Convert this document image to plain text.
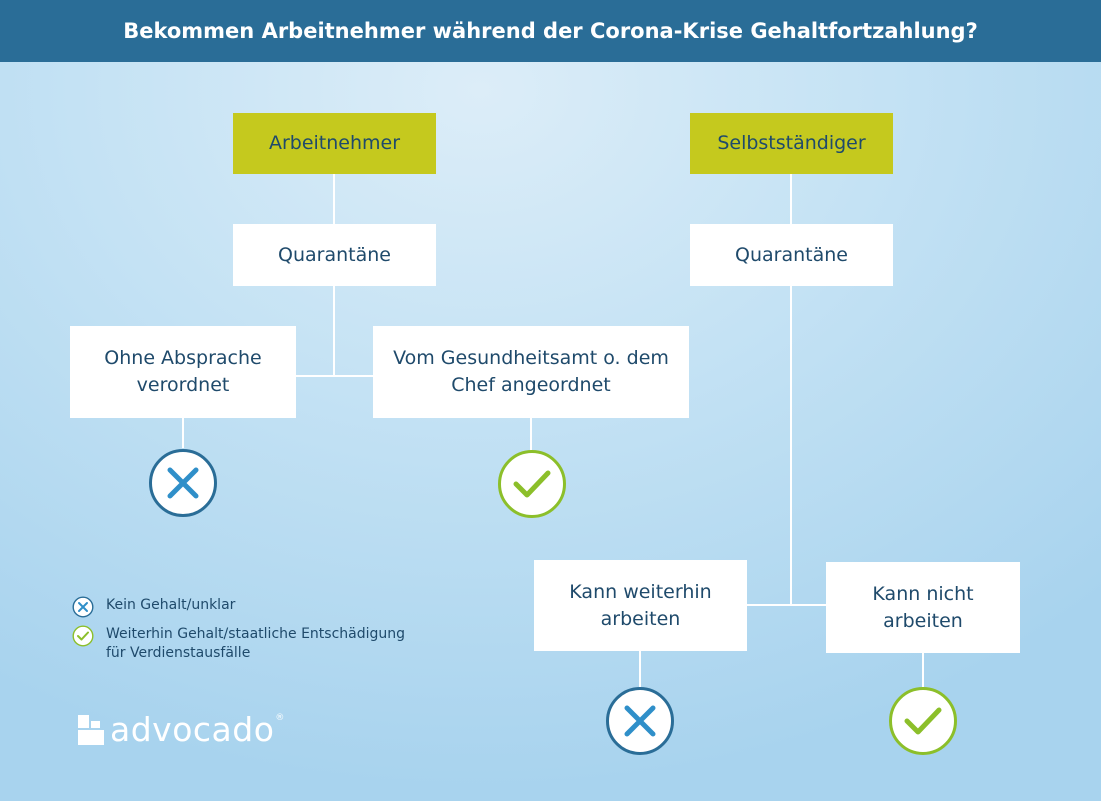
Bekommen Arbeitnehmer während der Corona-Krise Gehaltfortzahlung?
Arbeitnehmer
Quarantäne
Ohne Absprache verordnet
Vom Gesundheitsamt o. dem Chef angeordnet
Selbstständiger
Quarantäne
Kann weiterhin arbeiten
Kann nicht arbeiten
Kein Gehalt/unklar
Weiterhin Gehalt/staatliche Entschädigung für Verdienstausfälle
advocado ®
